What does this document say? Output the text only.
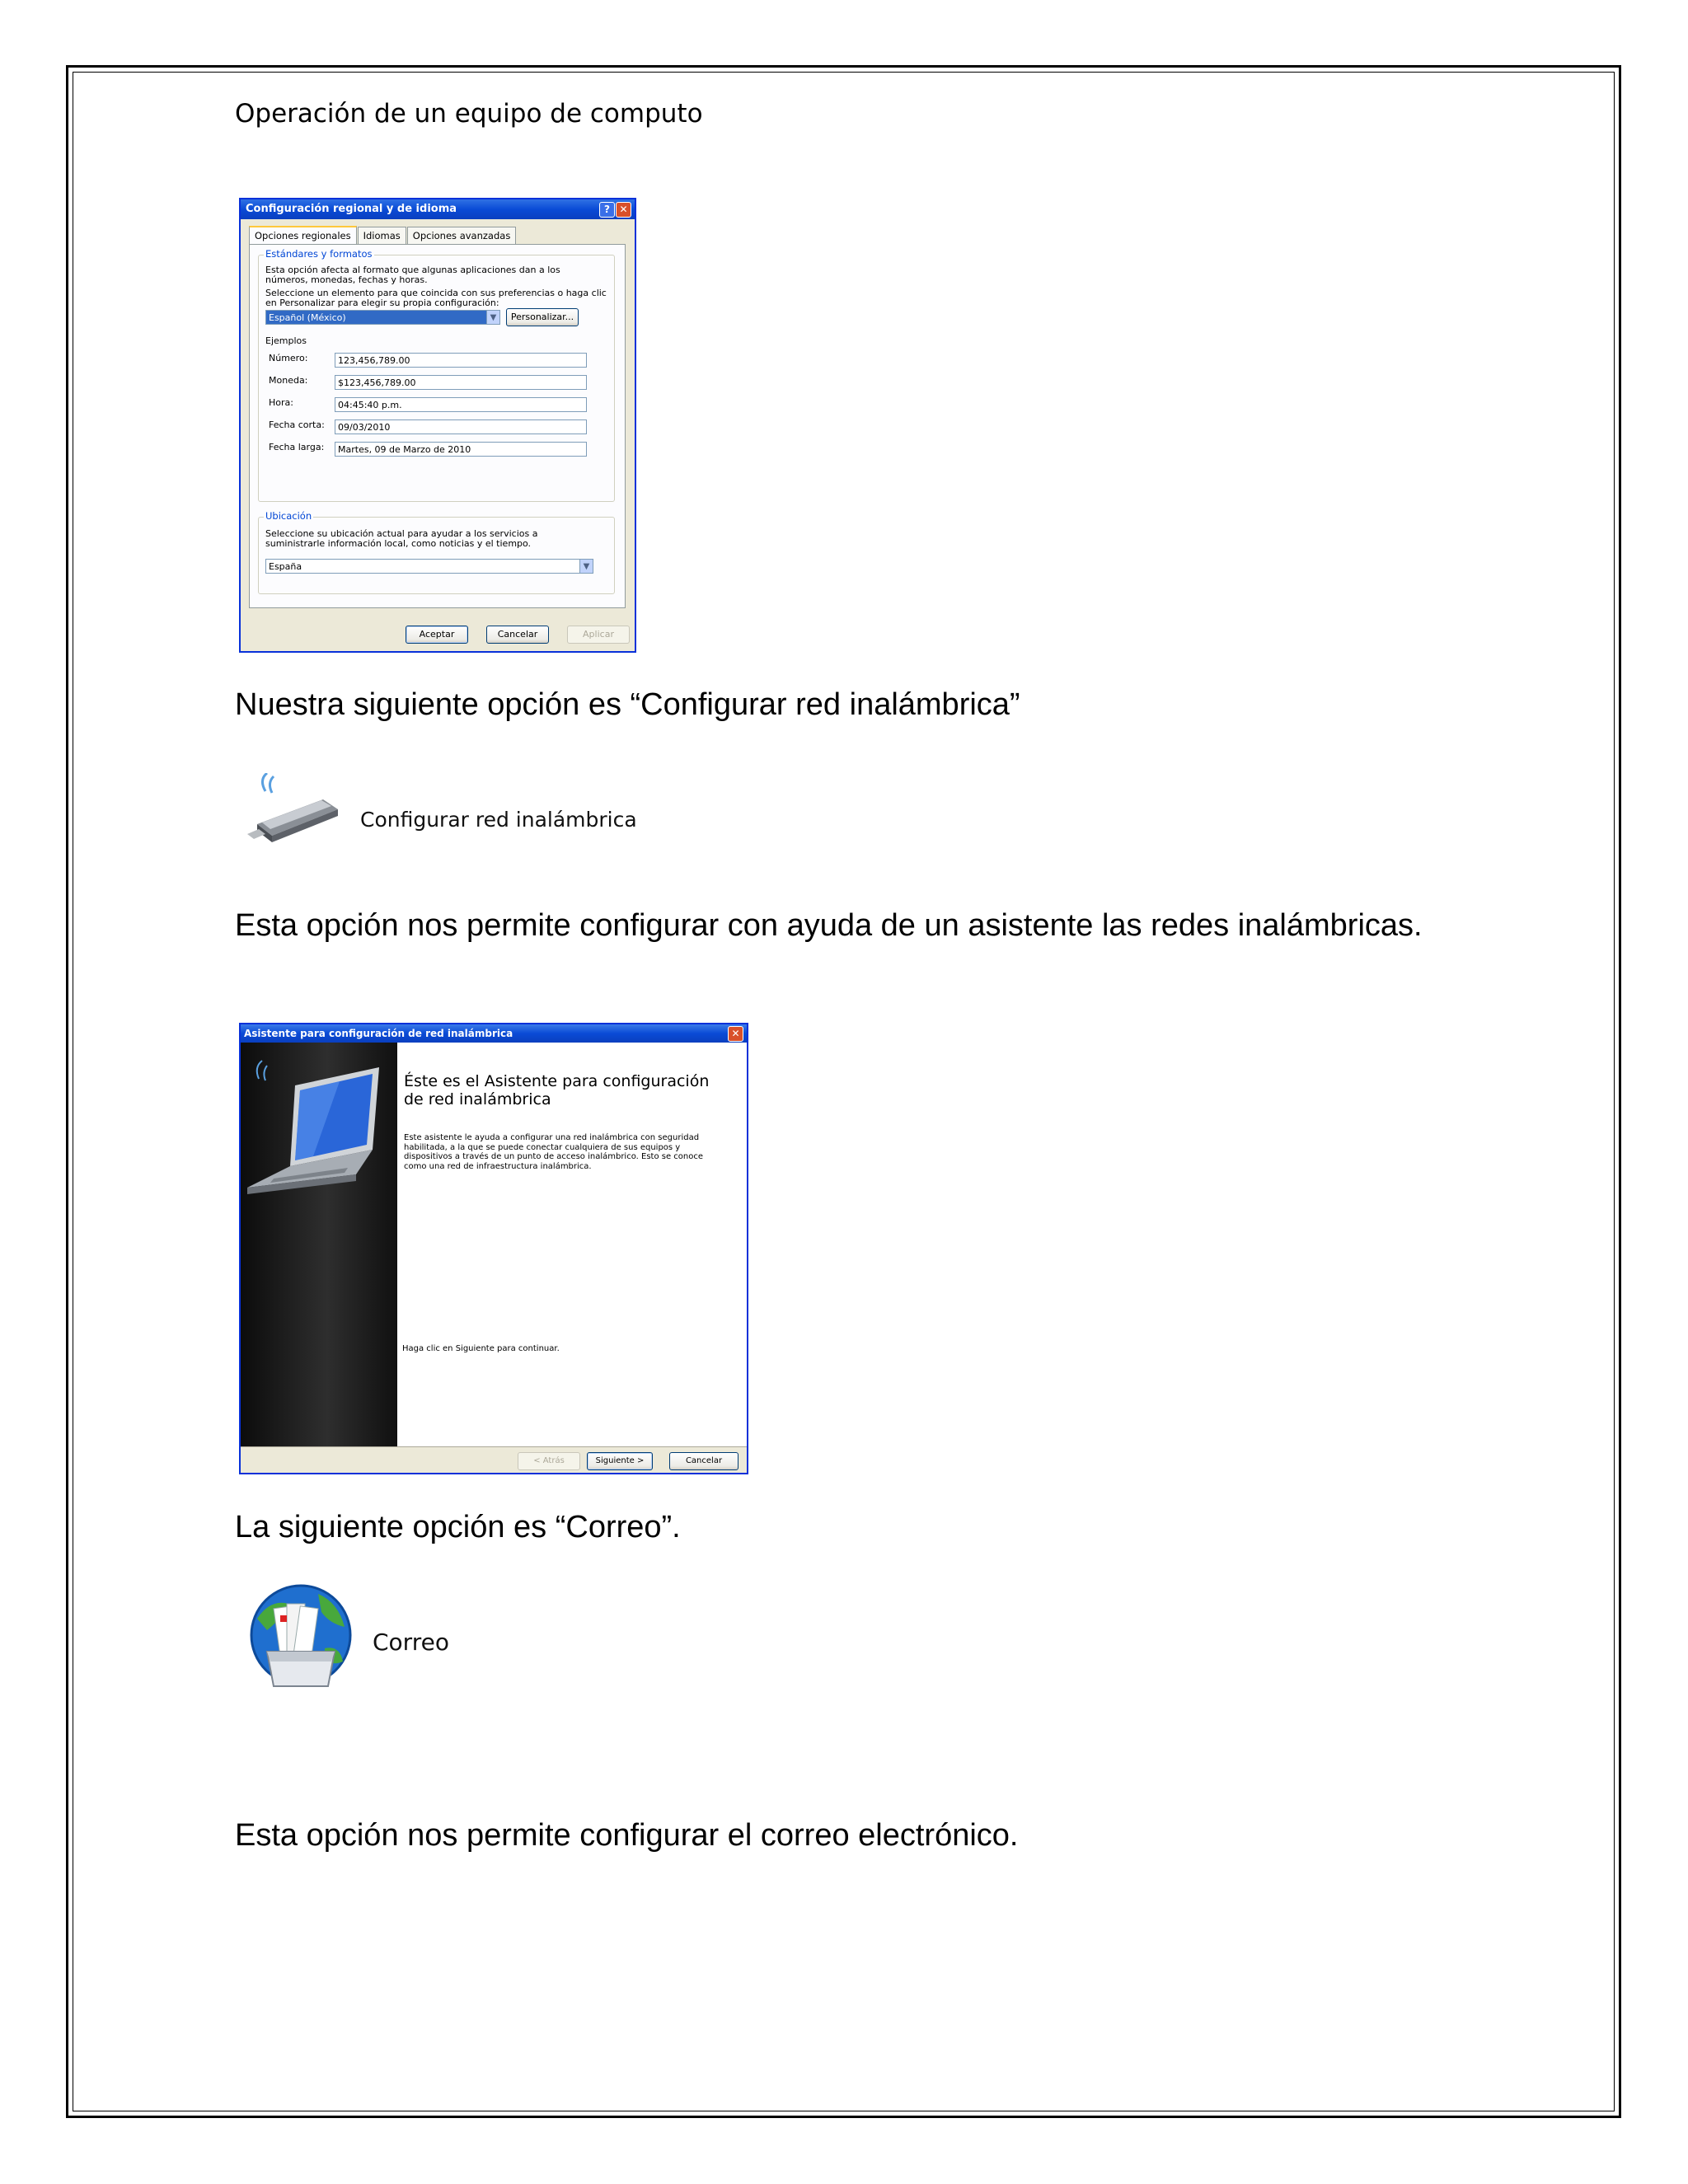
Operación de un equipo de computo
Configuración regional y de idioma	? ✕
Opciones regionales Idiomas Opciones avanzadas
Estándares y formatos
Esta opción afecta al formato que algunas aplicaciones dan a los números, monedas, fechas y horas.
Seleccione un elemento para que coincida con sus preferencias o haga clic en Personalizar para elegir su propia configuración:
Español (México)	▼	Personalizar...
Ejemplos
Número:	123,456,789.00
Moneda:	$123,456,789.00
Hora:	04:45:40 p.m.
Fecha corta:	09/03/2010
Fecha larga:	Martes, 09 de Marzo de 2010
Ubicación
Seleccione su ubicación actual para ayudar a los servicios a suministrarle información local, como noticias y el tiempo.
España	▼
Aceptar	Cancelar	Aplicar
Nuestra siguiente opción es “Configurar red inalámbrica”
Configurar red inalámbrica
Esta opción nos permite configurar con ayuda de un asistente las redes inalámbricas.
Asistente para configuración de red inalámbrica	✕
Éste es el Asistente para configuración de red inalámbrica
Este asistente le ayuda a configurar una red inalámbrica con seguridad habilitada, a la que se puede conectar cualquiera de sus equipos y dispositivos a través de un punto de acceso inalámbrico. Esto se conoce como una red de infraestructura inalámbrica.
Haga clic en Siguiente para continuar.
< Atrás	Siguiente >	Cancelar
La siguiente opción es “Correo”.
Correo
Esta opción nos permite configurar el correo electrónico.
